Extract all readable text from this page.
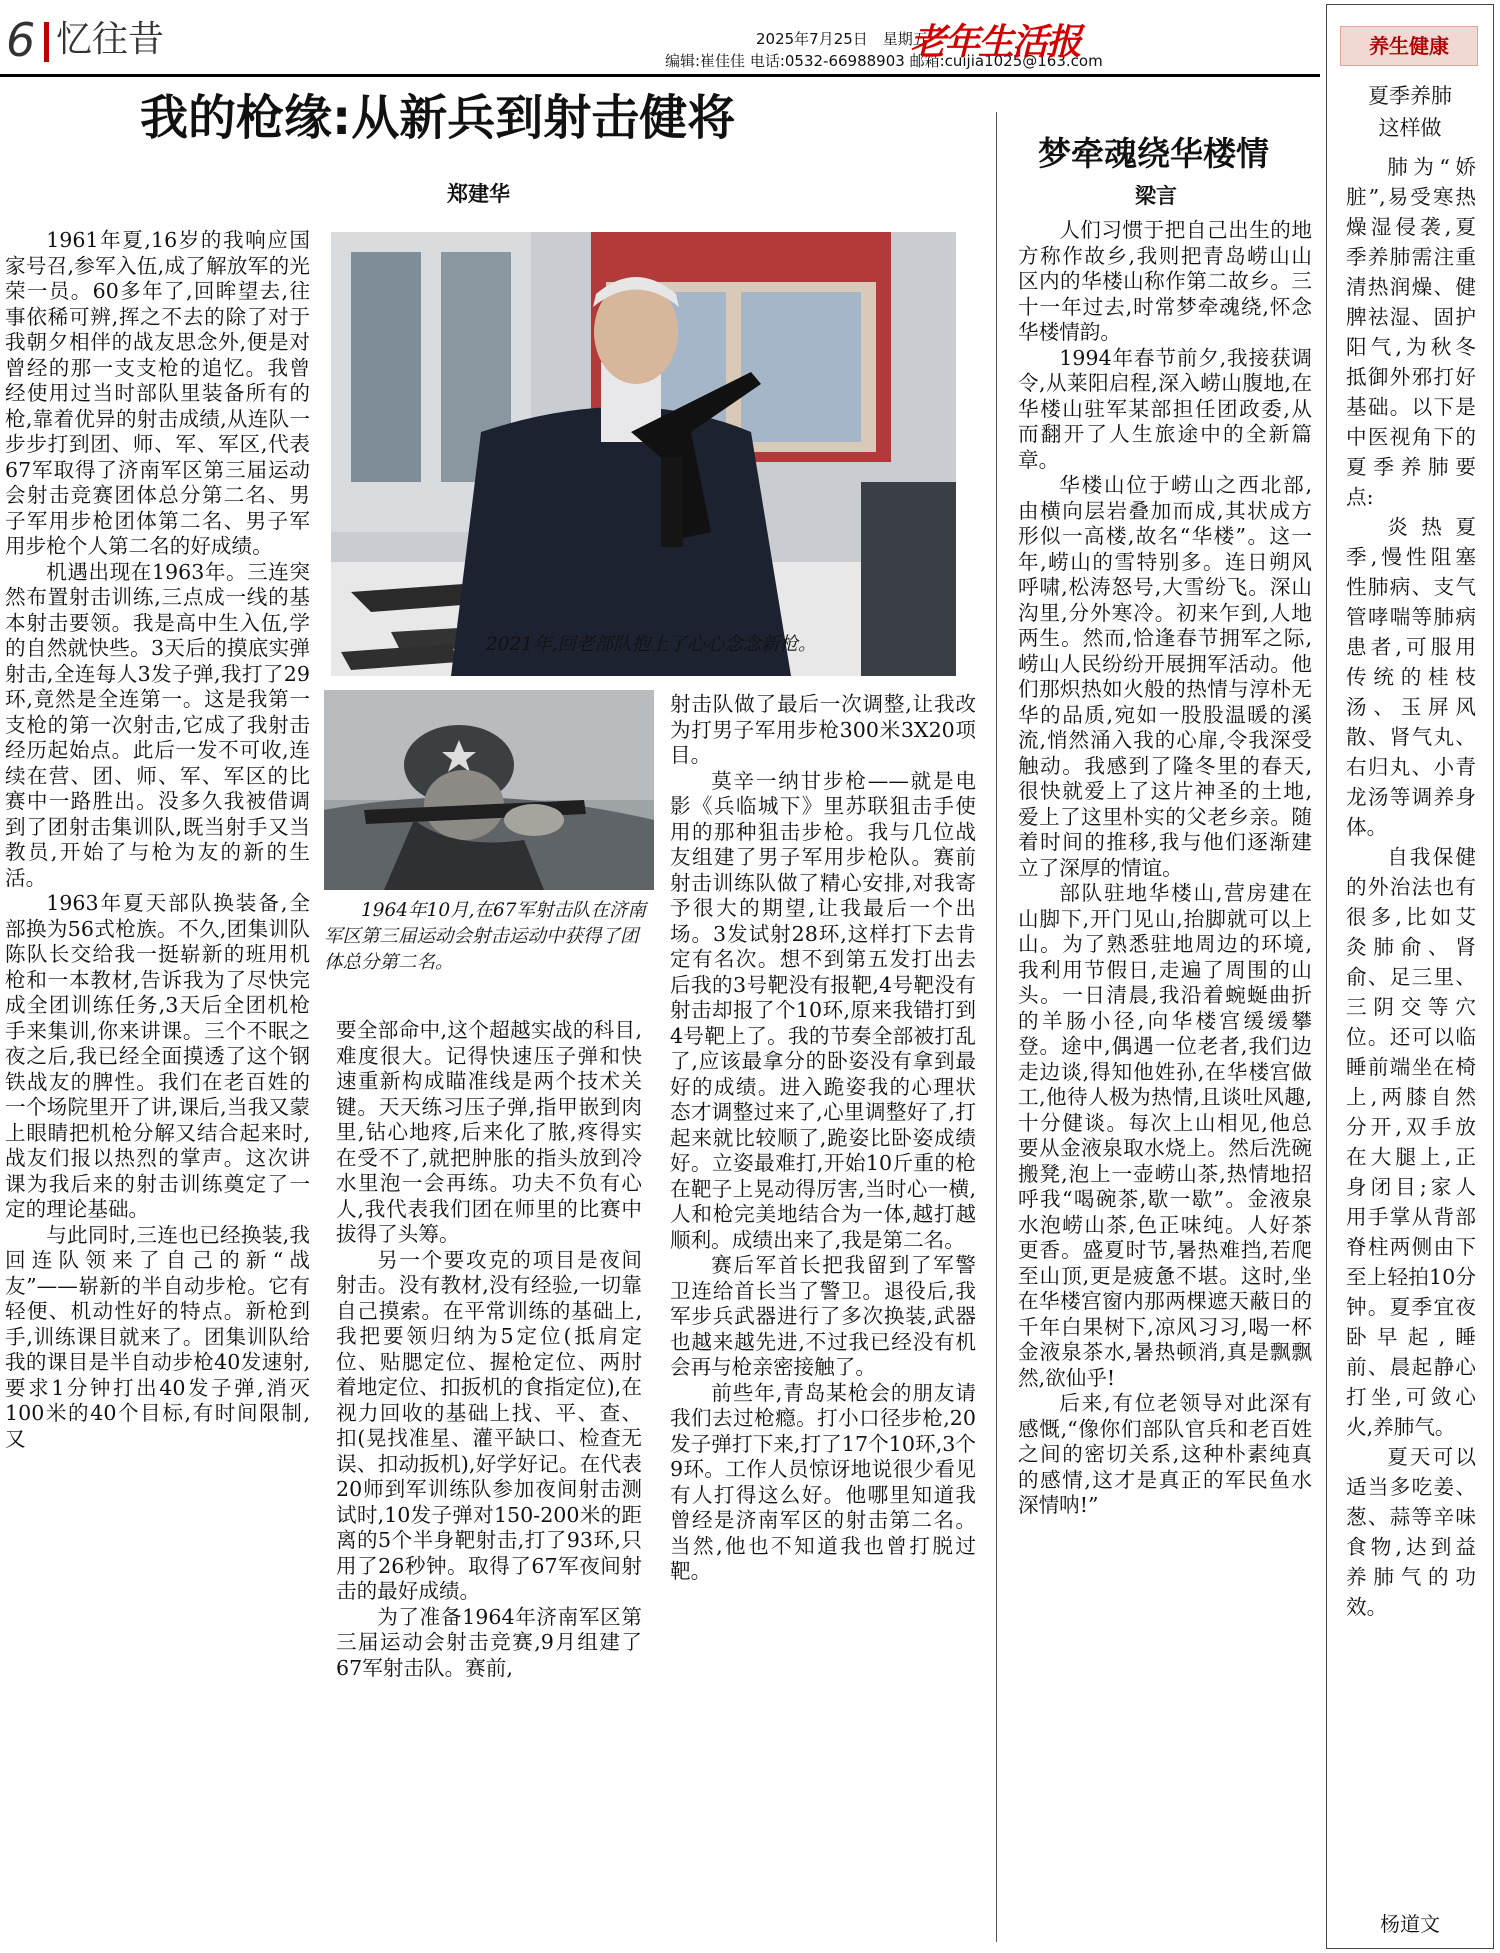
6 忆往昔	2025年7月25日　星期五
编辑:崔佳佳 电话:0532-66988903 邮箱:cuijia1025@163.com
老年生活报
我的枪缘:从新兵到射击健将
郑建华
2021年,回老部队抱上了心心念念新枪。

1964年10月,在67军射击队在济南军区第三届运动会射击运动中获得了团体总分第二名。

1961年夏,16岁的我响应国家号召,参军入伍,成了解放军的光荣一员。60多年了,回眸望去,往事依稀可辨,挥之不去的除了对于我朝夕相伴的战友思念外,便是对曾经的那一支支枪的追忆。我曾经使用过当时部队里装备所有的枪,靠着优异的射击成绩,从连队一步步打到团、师、军、军区,代表67军取得了济南军区第三届运动会射击竞赛团体总分第二名、男子军用步枪团体第二名、男子军用步枪个人第二名的好成绩。

机遇出现在1963年。三连突然布置射击训练,三点成一线的基本射击要领。我是高中生入伍,学的自然就快些。3天后的摸底实弹射击,全连每人3发子弹,我打了29环,竟然是全连第一。这是我第一支枪的第一次射击,它成了我射击经历起始点。此后一发不可收,连续在营、团、师、军、军区的比赛中一路胜出。没多久我被借调到了团射击集训队,既当射手又当教员,开始了与枪为友的新的生活。

1963年夏天部队换装备,全部换为56式枪族。不久,团集训队陈队长交给我一挺崭新的班用机枪和一本教材,告诉我为了尽快完成全团训练任务,3天后全团机枪手来集训,你来讲课。三个不眠之夜之后,我已经全面摸透了这个钢铁战友的脾性。我们在老百姓的一个场院里开了讲,课后,当我又蒙上眼睛把机枪分解又结合起来时,战友们报以热烈的掌声。这次讲课为我后来的射击训练奠定了一定的理论基础。

与此同时,三连也已经换装,我回连队领来了自己的新“战友”——崭新的半自动步枪。它有轻便、机动性好的特点。新枪到手,训练课目就来了。团集训队给我的课目是半自动步枪40发速射,要求1分钟打出40发子弹,消灭100米的40个目标,有时间限制,又

要全部命中,这个超越实战的科目,难度很大。记得快速压子弹和快速重新构成瞄准线是两个技术关键。天天练习压子弹,指甲嵌到肉里,钻心地疼,后来化了脓,疼得实在受不了,就把肿胀的指头放到冷水里泡一会再练。功夫不负有心人,我代表我们团在师里的比赛中拔得了头筹。

另一个要攻克的项目是夜间射击。没有教材,没有经验,一切靠自己摸索。在平常训练的基础上,我把要领归纳为5定位(抵肩定位、贴腮定位、握枪定位、两肘着地定位、扣扳机的食指定位),在视力回收的基础上找、平、查、扣(晃找准星、灌平缺口、检查无误、扣动扳机),好学好记。在代表20师到军训练队参加夜间射击测试时,10发子弹对150-200米的距离的5个半身靶射击,打了93环,只用了26秒钟。取得了67军夜间射击的最好成绩。

为了准备1964年济南军区第三届运动会射击竞赛,9月组建了67军射击队。赛前,

射击队做了最后一次调整,让我改为打男子军用步枪300米3X20项目。

莫辛一纳甘步枪——就是电影《兵临城下》里苏联狙击手使用的那种狙击步枪。我与几位战友组建了男子军用步枪队。赛前射击训练队做了精心安排,对我寄予很大的期望,让我最后一个出场。3发试射28环,这样打下去肯定有名次。想不到第五发打出去后我的3号靶没有报靶,4号靶没有射击却报了个10环,原来我错打到4号靶上了。我的节奏全部被打乱了,应该最拿分的卧姿没有拿到最好的成绩。进入跪姿我的心理状态才调整过来了,心里调整好了,打起来就比较顺了,跪姿比卧姿成绩好。立姿最难打,开始10斤重的枪在靶子上晃动得厉害,当时心一横,人和枪完美地结合为一体,越打越顺利。成绩出来了,我是第二名。

赛后军首长把我留到了军警卫连给首长当了警卫。退役后,我军步兵武器进行了多次换装,武器也越来越先进,不过我已经没有机会再与枪亲密接触了。

前些年,青岛某枪会的朋友请我们去过枪瘾。打小口径步枪,20发子弹打下来,打了17个10环,3个9环。工作人员惊讶地说很少看见有人打得这么好。他哪里知道我曾经是济南军区的射击第二名。当然,他也不知道我也曾打脱过靶。

梦牵魂绕华楼情
梁言

人们习惯于把自己出生的地方称作故乡,我则把青岛崂山山区内的华楼山称作第二故乡。三十一年过去,时常梦牵魂绕,怀念华楼情韵。

1994年春节前夕,我接获调令,从莱阳启程,深入崂山腹地,在华楼山驻军某部担任团政委,从而翻开了人生旅途中的全新篇章。

华楼山位于崂山之西北部,由横向层岩叠加而成,其状成方形似一高楼,故名“华楼”。这一年,崂山的雪特别多。连日朔风呼啸,松涛怒号,大雪纷飞。深山沟里,分外寒冷。初来乍到,人地两生。然而,恰逢春节拥军之际,崂山人民纷纷开展拥军活动。他们那炽热如火般的热情与淳朴无华的品质,宛如一股股温暖的溪流,悄然涌入我的心扉,令我深受触动。我感到了隆冬里的春天,很快就爱上了这片神圣的土地,爱上了这里朴实的父老乡亲。随着时间的推移,我与他们逐渐建立了深厚的情谊。

部队驻地华楼山,营房建在山脚下,开门见山,抬脚就可以上山。为了熟悉驻地周边的环境,我利用节假日,走遍了周围的山头。一日清晨,我沿着蜿蜒曲折的羊肠小径,向华楼宫缓缓攀登。途中,偶遇一位老者,我们边走边谈,得知他姓孙,在华楼宫做工,他待人极为热情,且谈吐风趣,十分健谈。每次上山相见,他总要从金液泉取水烧上。然后洗碗搬凳,泡上一壶崂山茶,热情地招呼我“喝碗茶,歇一歇”。金液泉水泡崂山茶,色正味纯。人好茶更香。盛夏时节,暑热难挡,若爬至山顶,更是疲惫不堪。这时,坐在华楼宫窗内那两棵遮天蔽日的千年白果树下,凉风习习,喝一杯金液泉茶水,暑热顿消,真是飘飘然,欲仙乎!

后来,有位老领导对此深有感慨,“像你们部队官兵和老百姓之间的密切关系,这种朴素纯真的感情,这才是真正的军民鱼水深情呐!”

养生健康
夏季养肺
这样做

肺为“娇脏”,易受寒热燥湿侵袭,夏季养肺需注重清热润燥、健脾祛湿、固护阳气,为秋冬抵御外邪打好基础。以下是中医视角下的夏季养肺要点:

炎热夏季,慢性阻塞性肺病、支气管哮喘等肺病患者,可服用传统的桂枝汤、玉屏风散、肾气丸、右归丸、小青龙汤等调养身体。

自我保健的外治法也有很多,比如艾灸肺俞、肾俞、足三里、三阴交等穴位。还可以临睡前端坐在椅上,两膝自然分开,双手放在大腿上,正身闭目;家人用手掌从背部脊柱两侧由下至上轻拍10分钟。夏季宜夜卧早起,睡前、晨起静心打坐,可敛心火,养肺气。

夏天可以适当多吃姜、葱、蒜等辛味食物,达到益养肺气的功效。

杨道文
